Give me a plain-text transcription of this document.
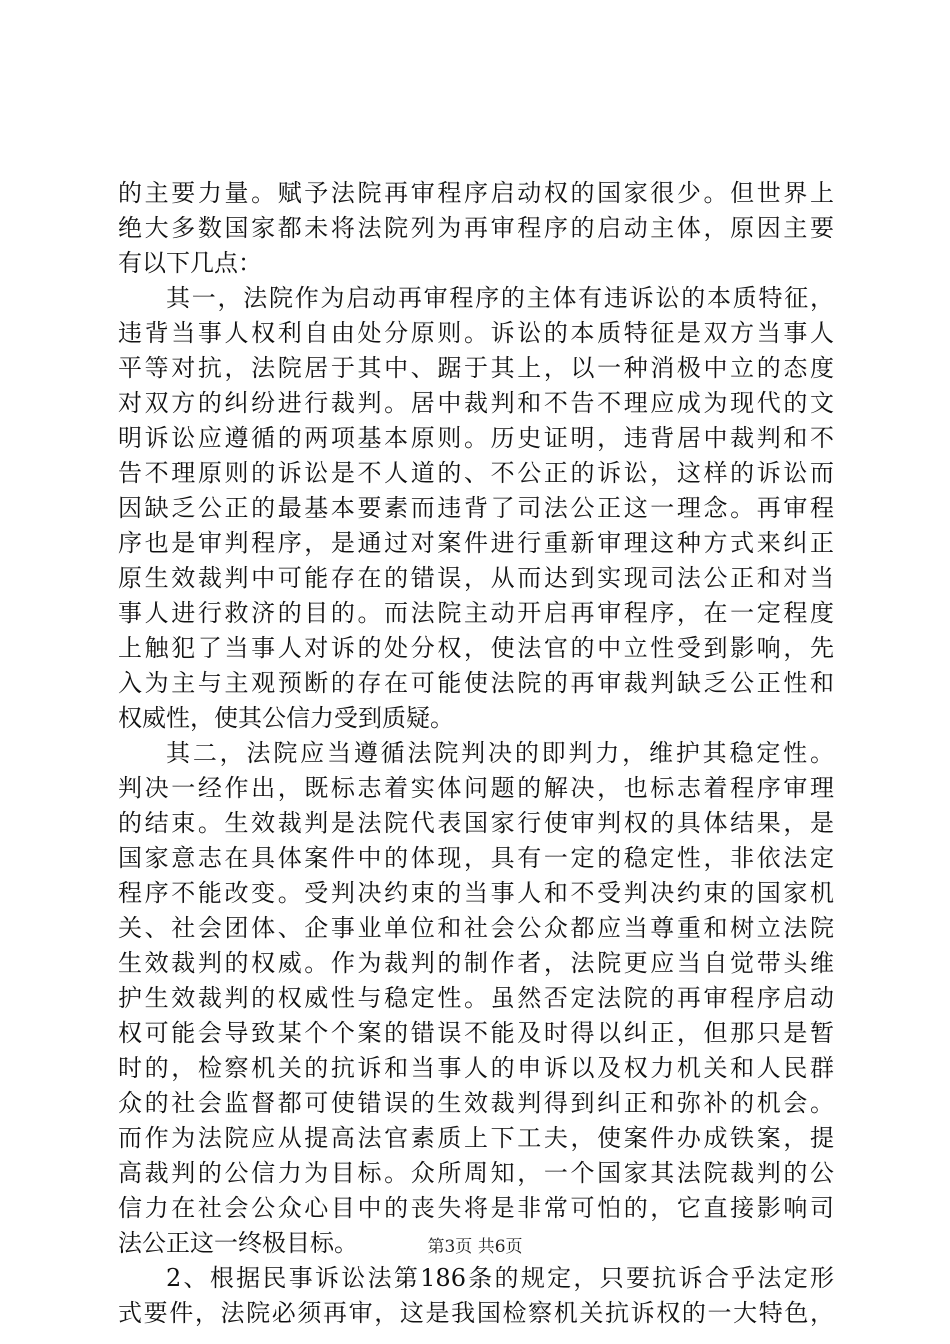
的主要力量。赋予法院再审程序启动权的国家很少。但世界上
绝大多数国家都未将法院列为再审程序的启动主体，原因主要
有以下几点：
其一，法院作为启动再审程序的主体有违诉讼的本质特征，
违背当事人权利自由处分原则。诉讼的本质特征是双方当事人
平等对抗，法院居于其中、踞于其上，以一种消极中立的态度
对双方的纠纷进行裁判。居中裁判和不告不理应成为现代的文
明诉讼应遵循的两项基本原则。历史证明，违背居中裁判和不
告不理原则的诉讼是不人道的、不公正的诉讼，这样的诉讼而
因缺乏公正的最基本要素而违背了司法公正这一理念。再审程
序也是审判程序，是通过对案件进行重新审理这种方式来纠正
原生效裁判中可能存在的错误，从而达到实现司法公正和对当
事人进行救济的目的。而法院主动开启再审程序，在一定程度
上触犯了当事人对诉的处分权，使法官的中立性受到影响，先
入为主与主观预断的存在可能使法院的再审裁判缺乏公正性和
权威性，使其公信力受到质疑。
其二，法院应当遵循法院判决的即判力，维护其稳定性。
判决一经作出，既标志着实体问题的解决，也标志着程序审理
的结束。生效裁判是法院代表国家行使审判权的具体结果，是
国家意志在具体案件中的体现，具有一定的稳定性，非依法定
程序不能改变。受判决约束的当事人和不受判决约束的国家机
关、社会团体、企事业单位和社会公众都应当尊重和树立法院
生效裁判的权威。作为裁判的制作者，法院更应当自觉带头维
护生效裁判的权威性与稳定性。虽然否定法院的再审程序启动
权可能会导致某个个案的错误不能及时得以纠正，但那只是暂
时的，检察机关的抗诉和当事人的申诉以及权力机关和人民群
众的社会监督都可使错误的生效裁判得到纠正和弥补的机会。
而作为法院应从提高法官素质上下工夫，使案件办成铁案，提
高裁判的公信力为目标。众所周知，一个国家其法院裁判的公
信力在社会公众心目中的丧失将是非常可怕的，它直接影响司
法公正这一终极目标。
2、根据民事诉讼法第186条的规定，只要抗诉合乎法定形
式要件，法院必须再审，这是我国检察机关抗诉权的一大特色，
第3页 共6页
